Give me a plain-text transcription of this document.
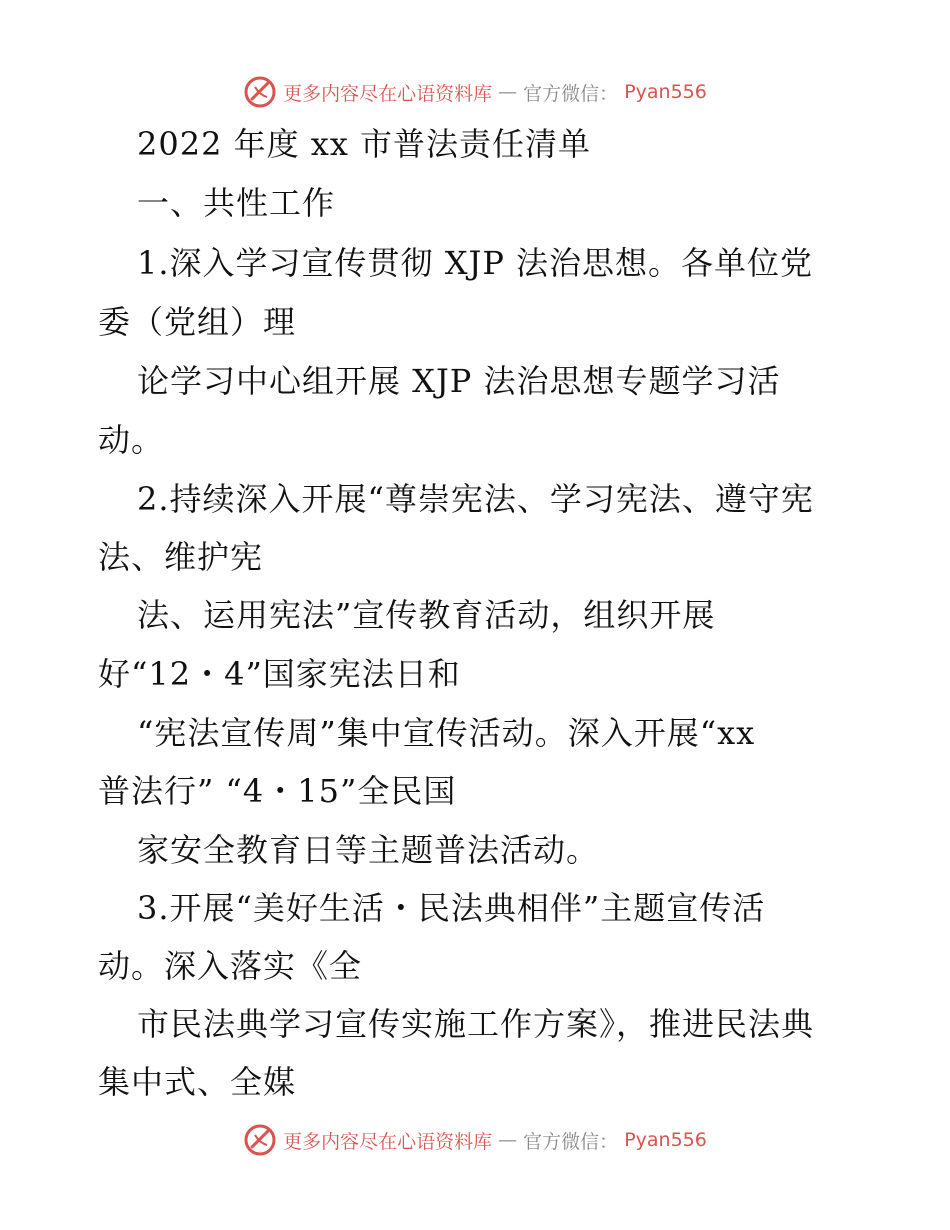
更多内容尽在心语资料库 — 官方微信： Pyan556
2022 年度 xx 市普法责任清单
一、共性工作
1.深入学习宣传贯彻 XJP 法治思想。各单位党
委（党组）理
论学习中心组开展 XJP 法治思想专题学习活
动。
2.持续深入开展“尊崇宪法、学习宪法、遵守宪
法、维护宪
法、运用宪法”宣传教育活动，组织开展
好“12・4”国家宪法日和
“宪法宣传周”集中宣传活动。深入开展“xx
普法行” “4・15”全民国
家安全教育日等主题普法活动。
3.开展“美好生活・民法典相伴”主题宣传活
动。深入落实《全
市民法典学习宣传实施工作方案》，推进民法典
集中式、全媒
更多内容尽在心语资料库 — 官方微信： Pyan556
